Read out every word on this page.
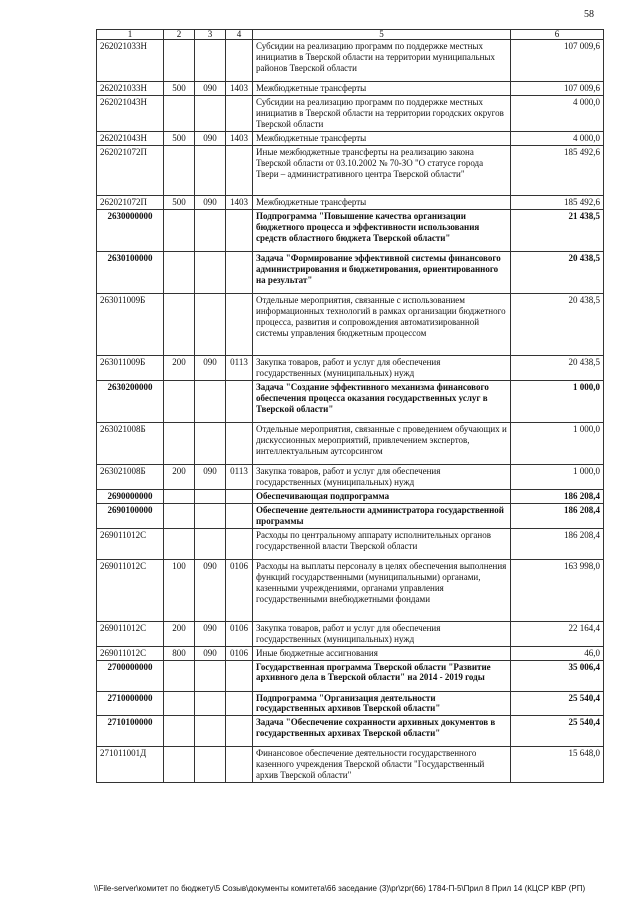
58
1	2	3	4	5	6
262021033Н				Субсидии на реализацию программ по поддержке местных инициатив в Тверской области на территории муниципальных районов Тверской области	107 009,6
262021033Н	500	090	1403	Межбюджетные трансферты	107 009,6
262021043Н				Субсидии на реализацию программ по поддержке местных инициатив в Тверской области на территории городских округов Тверской области	4 000,0
262021043Н	500	090	1403	Межбюджетные трансферты	4 000,0
262021072П				Иные межбюджетные трансферты на реализацию закона Тверской области от 03.10.2002 № 70-ЗО "О статусе города Твери – административного центра Тверской области"	185 492,6
262021072П	500	090	1403	Межбюджетные трансферты	185 492,6
2630000000				Подпрограмма "Повышение качества организации бюджетного процесса и эффективности использования средств областного бюджета Тверской области"	21 438,5
2630100000				Задача "Формирование эффективной системы финансового администрирования и бюджетирования, ориентированного на результат"	20 438,5
263011009Б				Отдельные мероприятия, связанные с использованием информационных технологий в рамках организации бюджетного процесса, развития и сопровождения автоматизированной системы управления бюджетным процессом	20 438,5
263011009Б	200	090	0113	Закупка товаров, работ и услуг для обеспечения государственных (муниципальных) нужд	20 438,5
2630200000				Задача "Создание эффективного механизма финансового обеспечения процесса оказания государственных услуг в Тверской области"	1 000,0
263021008Б				Отдельные мероприятия, связанные с проведением обучающих и дискуссионных мероприятий, привлечением экспертов, интеллектуальным аутсорсингом	1 000,0
263021008Б	200	090	0113	Закупка товаров, работ и услуг для обеспечения государственных (муниципальных) нужд	1 000,0
2690000000				Обеспечивающая подпрограмма	186 208,4
2690100000				Обеспечение деятельности администратора государственной программы	186 208,4
269011012С				Расходы по центральному аппарату исполнительных органов государственной власти Тверской области	186 208,4
269011012С	100	090	0106	Расходы на выплаты персоналу в целях обеспечения выполнения функций государственными (муниципальными) органами, казенными учреждениями, органами управления государственными внебюджетными фондами	163 998,0
269011012С	200	090	0106	Закупка товаров, работ и услуг для обеспечения государственных (муниципальных) нужд	22 164,4
269011012С	800	090	0106	Иные бюджетные ассигнования	46,0
2700000000				Государственная программа Тверской области "Развитие архивного дела в Тверской области" на 2014 - 2019 годы	35 006,4
2710000000				Подпрограмма "Организация деятельности государственных архивов Тверской области"	25 540,4
2710100000				Задача "Обеспечение сохранности архивных документов в государственных архивах Тверской области"	25 540,4
271011001Д				Финансовое обеспечение деятельности государственного казенного учреждения Тверской области "Государственный архив Тверской области"	15 648,0
\\File-server\комитет по бюджету\5 Созыв\документы комитета\66 заседание (3)\pr\zpr(66) 1784-П-5\Прил 8 Прил 14 (КЦСР КВР (РП)
